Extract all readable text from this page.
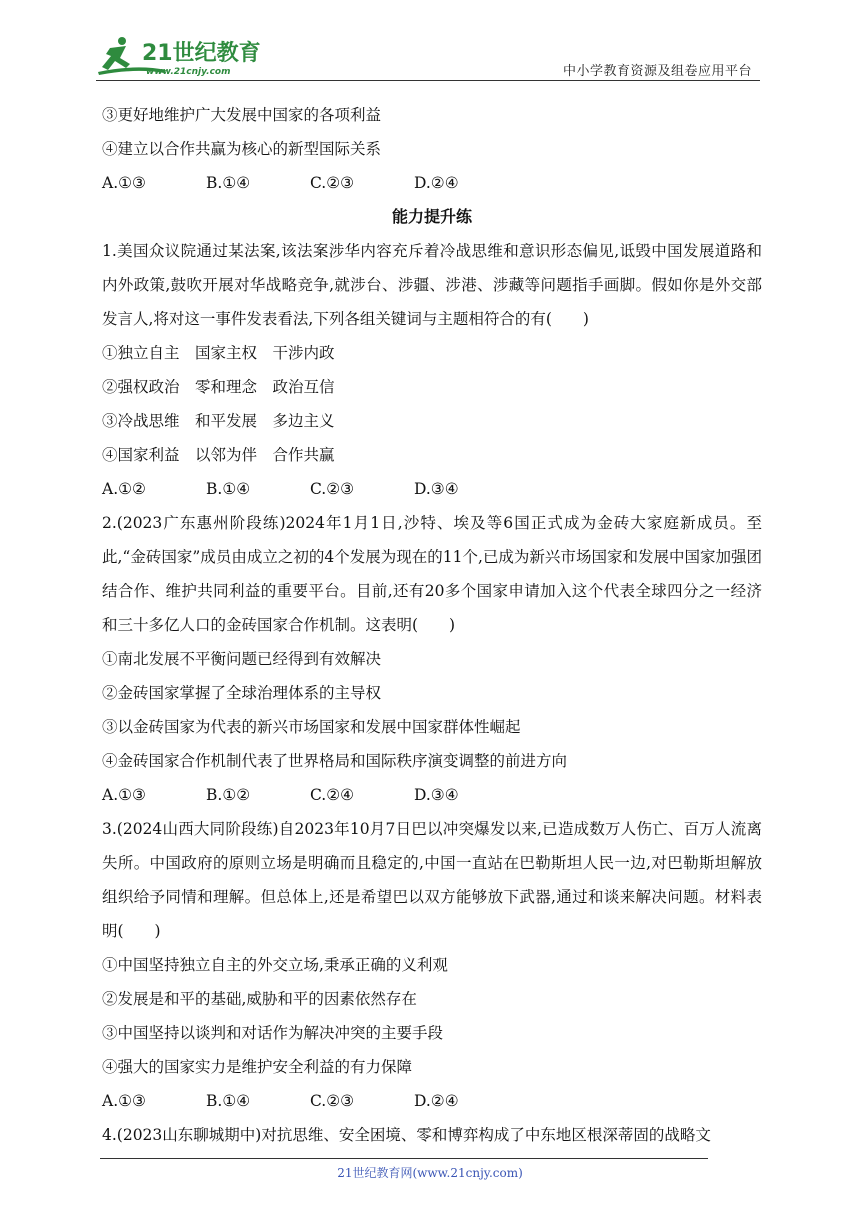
21世纪教育
www.21cnjy.com	中小学教育资源及组卷应用平台
③更好地维护广大发展中国家的各项利益
④建立以合作共赢为核心的新型国际关系
A.①③	B.①④	C.②③	D.②④
能力提升练
1.美国众议院通过某法案,该法案涉华内容充斥着冷战思维和意识形态偏见,诋毁中国发展道路和内外政策,鼓吹开展对华战略竞争,就涉台、涉疆、涉港、涉藏等问题指手画脚。假如你是外交部发言人,将对这一事件发表看法,下列各组关键词与主题相符合的有(　　)
①独立自主　国家主权　干涉内政
②强权政治　零和理念　政治互信
③冷战思维　和平发展　多边主义
④国家利益　以邻为伴　合作共赢
A.①②	B.①④	C.②③	D.③④
2.(2023广东惠州阶段练)2024年1月1日,沙特、埃及等6国正式成为金砖大家庭新成员。至此,“金砖国家”成员由成立之初的4个发展为现在的11个,已成为新兴市场国家和发展中国家加强团结合作、维护共同利益的重要平台。目前,还有20多个国家申请加入这个代表全球四分之一经济和三十多亿人口的金砖国家合作机制。这表明(　　)
①南北发展不平衡问题已经得到有效解决
②金砖国家掌握了全球治理体系的主导权
③以金砖国家为代表的新兴市场国家和发展中国家群体性崛起
④金砖国家合作机制代表了世界格局和国际秩序演变调整的前进方向
A.①③	B.①②	C.②④	D.③④
3.(2024山西大同阶段练)自2023年10月7日巴以冲突爆发以来,已造成数万人伤亡、百万人流离失所。中国政府的原则立场是明确而且稳定的,中国一直站在巴勒斯坦人民一边,对巴勒斯坦解放组织给予同情和理解。但总体上,还是希望巴以双方能够放下武器,通过和谈来解决问题。材料表明(　　)
①中国坚持独立自主的外交立场,秉承正确的义利观
②发展是和平的基础,威胁和平的因素依然存在
③中国坚持以谈判和对话作为解决冲突的主要手段
④强大的国家实力是维护安全利益的有力保障
A.①③	B.①④	C.②③	D.②④
4.(2023山东聊城期中)对抗思维、安全困境、零和博弈构成了中东地区根深蒂固的战略文
21世纪教育网(www.21cnjy.com)
